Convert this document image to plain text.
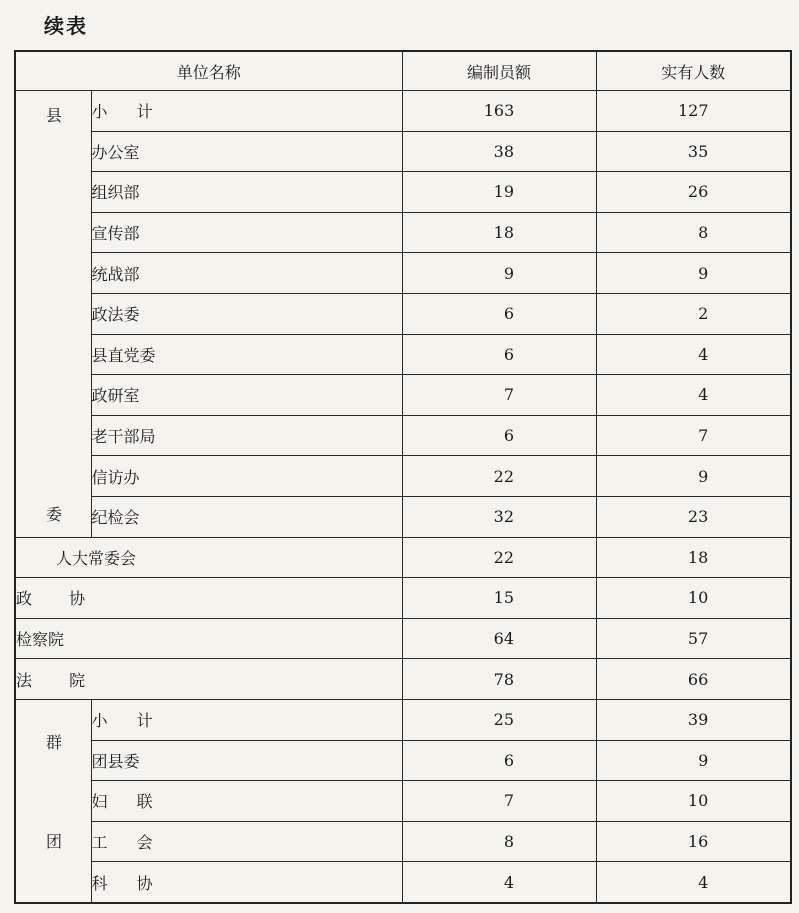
续表
单位名称		编制员额	实有人数

县
委	小 计	163	127
	办公室	38	35
	组织部	19	26
	宣传部	18	8
	统战部	9	9
	政法委	6	2
	县直党委	6	4
	政研室	7	4
	老干部局	6	7
	信访办	22	9
	纪检会	32	23
人大常委会		22	18
政 协		15	10
检察院		64	57
法 院		78	66

群
团	小 计	25	39
	团县委	6	9
	妇 联	7	10
	工 会	8	16
	科 协	4	4
